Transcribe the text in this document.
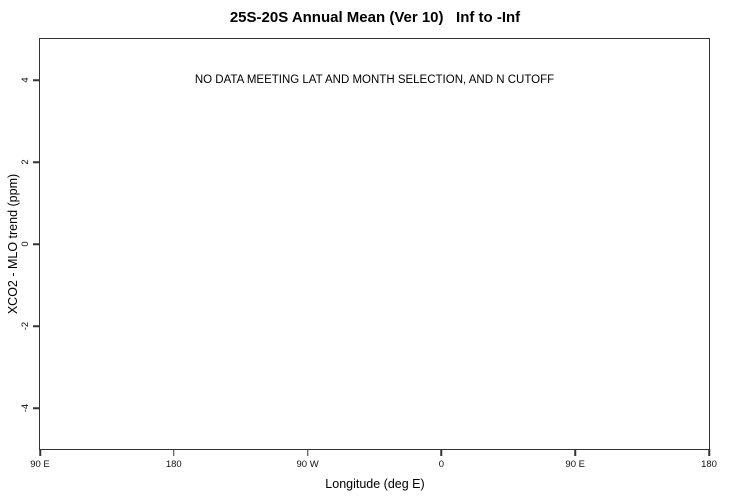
25S-20S Annual Mean (Ver 10)   Inf to -Inf
NO DATA MEETING LAT AND MONTH SELECTION, AND N CUTOFF
90 E	180	90 W	0	90 E	180
-4
-2
0
2
4
Longitude (deg E)
XCO2 - MLO trend (ppm)
